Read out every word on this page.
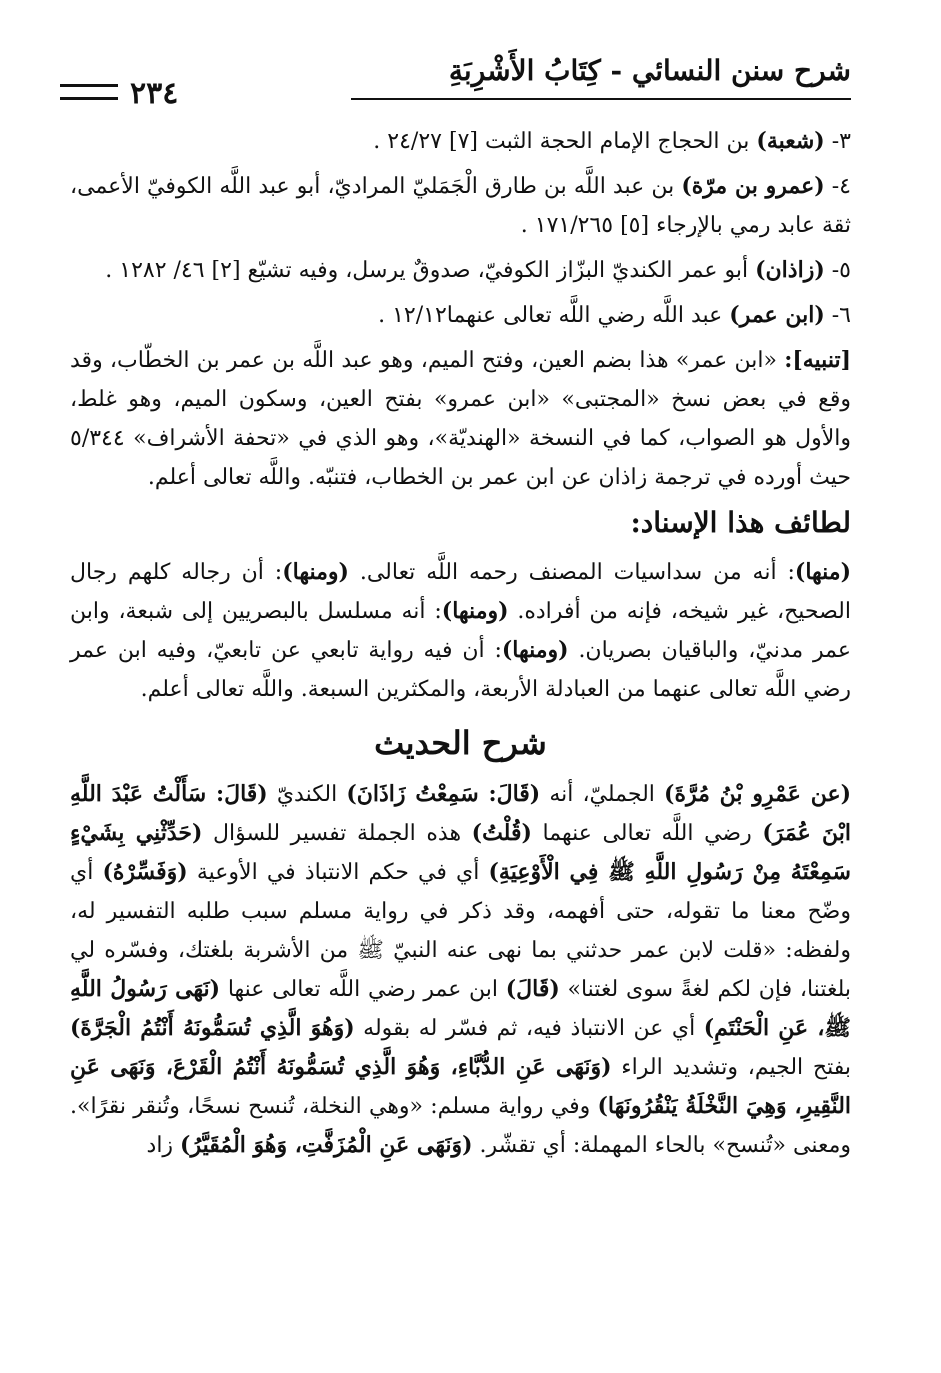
شرح سنن النسائي - كِتَابُ الأَشْرِبَةِ
٢٣٤

٣- (شعبة) بن الحجاج الإمام الحجة الثبت [٧] ٢٤/٢٧ .

٤- (عمرو بن مرّة) بن عبد اللَّه بن طارق الْجَمَليّ المراديّ، أبو عبد اللَّه الكوفيّ الأعمى، ثقة عابد رمي بالإرجاء [٥] ١٧١/٢٦٥ .

٥- (زاذان) أبو عمر الكنديّ البزّاز الكوفيّ، صدوقٌ يرسل، وفيه تشيّع [٢] ٤٦/ ١٢٨٢ .

٦- (ابن عمر) عبد اللَّه رضي اللَّه تعالى عنهما١٢/١٢ .

[تنبيه]: «ابن عمر» هذا بضم العين، وفتح الميم، وهو عبد اللَّه بن عمر بن الخطّاب، وقد وقع في بعض نسخ «المجتبى» «ابن عمرو» بفتح العين، وسكون الميم، وهو غلط، والأول هو الصواب، كما في النسخة «الهنديّة»، وهو الذي في «تحفة الأشراف» ٥/٣٤٤ حيث أورده في ترجمة زاذان عن ابن عمر بن الخطاب، فتنبّه. واللَّه تعالى أعلم.

لطائف هذا الإسناد:

(منها): أنه من سداسيات المصنف رحمه اللَّه تعالى. (ومنها): أن رجاله كلهم رجال الصحيح، غير شيخه، فإنه من أفراده. (ومنها): أنه مسلسل بالبصريين إلى شبعة، وابن عمر مدنيّ، والباقيان بصريان. (ومنها): أن فيه رواية تابعي عن تابعيّ، وفيه ابن عمر رضي اللَّه تعالى عنهما من العبادلة الأربعة، والمكثرين السبعة. واللَّه تعالى أعلم.

شرح الحديث

(عن عَمْرِو بْنُ مُرَّةَ) الجمليّ، أنه (قَالَ: سَمِعْتُ زَاذَانَ) الكنديّ (قَالَ: سَأَلْتُ عَبْدَ اللَّهِ ابْنَ عُمَرَ) رضي اللَّه تعالى عنهما (قُلْتُ) هذه الجملة تفسير للسؤال (حَدِّثْنِي بِشَيْءٍ سَمِعْتَهُ مِنْ رَسُولِ اللَّهِ ﷺ فِي الْأَوْعِيَةِ) أي في حكم الانتباذ في الأوعية (وَفَسِّرْهُ) أي وضّح معنا ما تقوله، حتى أفهمه، وقد ذكر في رواية مسلم سبب طلبه التفسير له، ولفظه: «قلت لابن عمر حدثني بما نهى عنه النبيّ ﷺ من الأشربة بلغتك، وفسّره لي بلغتنا، فإن لكم لغةً سوى لغتنا» (قَالَ) ابن عمر رضي اللَّه تعالى عنها (نَهَى رَسُولُ اللَّهِ ﷺ، عَنِ الْحَنْتَمِ) أي عن الانتباذ فيه، ثم فسّر له بقوله (وَهُوَ الَّذِي تُسَمُّونَهُ أَنْتُمُ الْجَرَّةَ) بفتح الجيم، وتشديد الراء (وَنَهَى عَنِ الدُّبَّاءِ، وَهُوَ الَّذِي تُسَمُّونَهُ أَنْتُمُ الْقَرْعَ، وَنَهَى عَنِ النَّقِيرِ، وَهِيَ النَّخْلَةُ يَنْقُرُونَهَا) وفي رواية مسلم: «وهي النخلة، تُنسح نسحًا، وتُنقر نقرًا». ومعنى «تُنسح» بالحاء المهملة: أي تقشّر. (وَنَهَى عَنِ الْمُزَفَّتِ، وَهُوَ الْمُقَيَّرُ) زاد
